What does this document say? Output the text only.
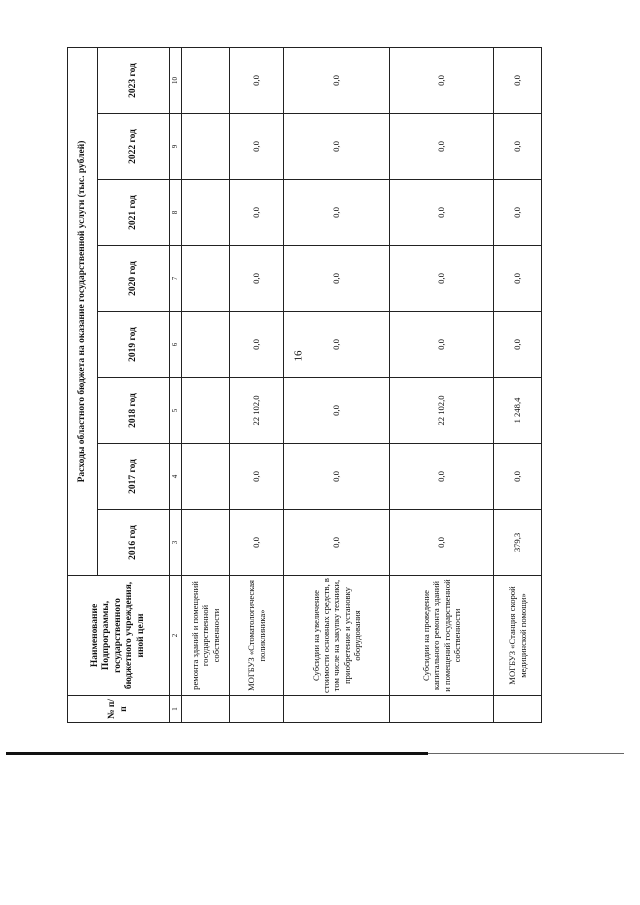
16
№ п/п	Наименование Подпрограммы, государственного бюджетного учреждения, иной цели	Расходы областного бюджета на оказание государственной услуги (тыс. рублей)							
		2016 год	2017 год	2018 год	2019 год	2020 год	2021 год	2022 год	2023 год
1	2	3	4	5	6	7	8	9	10
	ремонта зданий и помещений государственной собственности								
	МОГБУЗ «Стоматологическая поликлиника»	0,0	0,0	22 102,0	0,0	0,0	0,0	0,0	0,0
	Субсидии на увеличение стоимости основных средств, в том числе на закупку техники, приобретение и установку оборудования	0,0	0,0	0,0	0,0	0,0	0,0	0,0	0,0
	Субсидии на проведение капитального ремонта зданий и помещений государственной собственности	0,0	0,0	22 102,0	0,0	0,0	0,0	0,0	0,0
	МОГБУЗ «Станция скорой медицинской помощи»	379,3	0,0	1 248,4	0,0	0,0	0,0	0,0	0,0
